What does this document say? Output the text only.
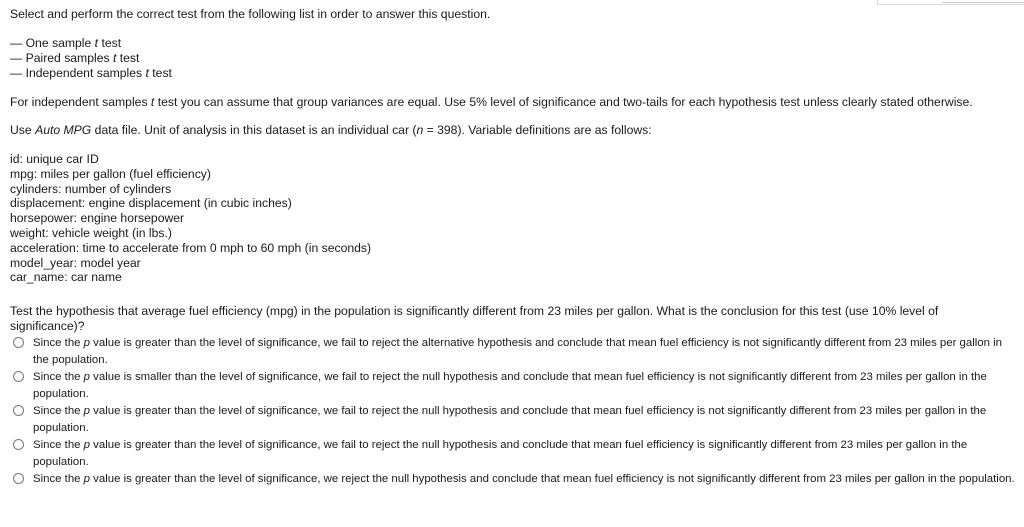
Select and perform the correct test from the following list in order to answer this question.

— One sample t test

— Paired samples t test

— Independent samples t test

For independent samples t test you can assume that group variances are equal. Use 5% level of significance and two-tails for each hypothesis test unless clearly stated otherwise.

Use Auto MPG data file. Unit of analysis in this dataset is an individual car (n = 398). Variable definitions are as follows:

id: unique car ID

mpg: miles per gallon (fuel efficiency)

cylinders: number of cylinders

displacement: engine displacement (in cubic inches)

horsepower: engine horsepower

weight: vehicle weight (in lbs.)

acceleration: time to accelerate from 0 mph to 60 mph (in seconds)

model_year: model year

car_name: car name

Test the hypothesis that average fuel efficiency (mpg) in the population is significantly different from 23 miles per gallon. What is the conclusion for this test (use 10% level of significance)?

Since the p value is greater than the level of significance, we fail to reject the alternative hypothesis and conclude that mean fuel efficiency is not significantly different from 23 miles per gallon in the population.
Since the p value is smaller than the level of significance, we fail to reject the null hypothesis and conclude that mean fuel efficiency is not significantly different from 23 miles per gallon in the population.
Since the p value is greater than the level of significance, we fail to reject the null hypothesis and conclude that mean fuel efficiency is not significantly different from 23 miles per gallon in the population.
Since the p value is greater than the level of significance, we fail to reject the null hypothesis and conclude that mean fuel efficiency is significantly different from 23 miles per gallon in the population.
Since the p value is greater than the level of significance, we reject the null hypothesis and conclude that mean fuel efficiency is not significantly different from 23 miles per gallon in the population.
